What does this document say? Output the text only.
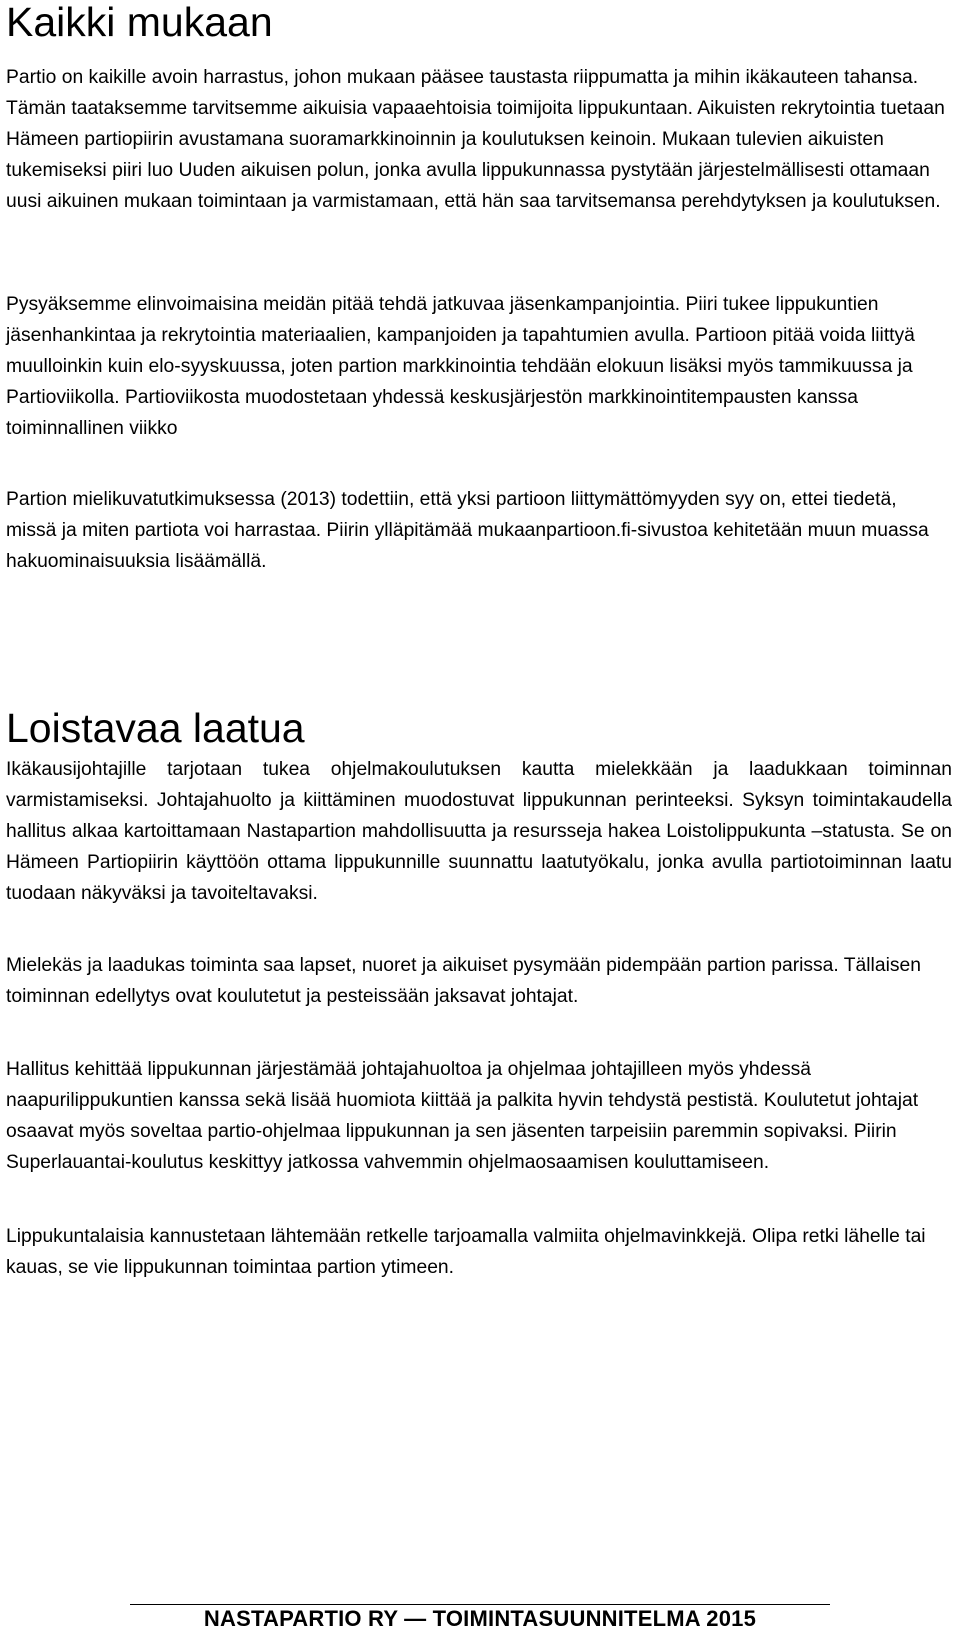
Kaikki mukaan

Partio on kaikille avoin harrastus, johon mukaan pääsee taustasta riippumatta ja mihin ikäkauteen tahansa. Tämän taataksemme tarvitsemme aikuisia vapaaehtoisia toimijoita lippukuntaan. Aikuisten rekrytointia tuetaan Hämeen partiopiirin avustamana suoramarkkinoinnin ja koulutuksen keinoin. Mukaan tulevien aikuisten tukemiseksi piiri luo Uuden aikuisen polun, jonka avulla lippukunnassa pystytään järjestelmällisesti ottamaan uusi aikuinen mukaan toimintaan ja varmistamaan, että hän saa tarvitsemansa perehdytyksen ja koulutuksen.

Pysyäksemme elinvoimaisina meidän pitää tehdä jatkuvaa jäsenkampanjointia. Piiri tukee lippukuntien jäsenhankintaa ja rekrytointia materiaalien, kampanjoiden ja tapahtumien avulla. Partioon pitää voida liittyä muulloinkin kuin elo-syyskuussa, joten partion markkinointia tehdään elokuun lisäksi myös tammikuussa ja Partioviikolla. Partioviikosta muodostetaan yhdessä keskusjärjestön markkinointitempausten kanssa toiminnallinen viikko

Partion mielikuvatutkimuksessa (2013) todettiin, että yksi partioon liittymättömyyden syy on, ettei tiedetä, missä ja miten partiota voi harrastaa. Piirin ylläpitämää mukaanpartioon.fi-sivustoa kehitetään muun muassa hakuominaisuuksia lisäämällä.

Loistavaa laatua

Ikäkausijohtajille tarjotaan tukea ohjelmakoulutuksen kautta mielekkään ja laadukkaan toiminnan varmistamiseksi. Johtajahuolto ja kiittäminen muodostuvat lippukunnan perinteeksi. Syksyn toimintakaudella hallitus alkaa kartoittamaan Nastapartion mahdollisuutta ja resursseja hakea Loistolippukunta –statusta. Se on Hämeen Partiopiirin käyttöön ottama lippukunnille suunnattu laatutyökalu, jonka avulla partiotoiminnan laatu tuodaan näkyväksi ja tavoiteltavaksi.

Mielekäs ja laadukas toiminta saa lapset, nuoret ja aikuiset pysymään pidempään partion parissa. Tällaisen toiminnan edellytys ovat koulutetut ja pesteissään jaksavat johtajat.

Hallitus kehittää lippukunnan järjestämää johtajahuoltoa ja ohjelmaa johtajilleen myös yhdessä naapurilippukuntien kanssa sekä lisää huomiota kiittää ja palkita hyvin tehdystä pestistä. Koulutetut johtajat osaavat myös soveltaa partio-ohjelmaa lippukunnan ja sen jäsenten tarpeisiin paremmin sopivaksi. Piirin Superlauantai-koulutus keskittyy jatkossa vahvemmin ohjelmaosaamisen kouluttamiseen.

Lippukuntalaisia kannustetaan lähtemään retkelle tarjoamalla valmiita ohjelmavinkkejä. Olipa retki lähelle tai kauas, se vie lippukunnan toimintaa partion ytimeen.

NASTAPARTIO RY — TOIMINTASUUNNITELMA 2015
